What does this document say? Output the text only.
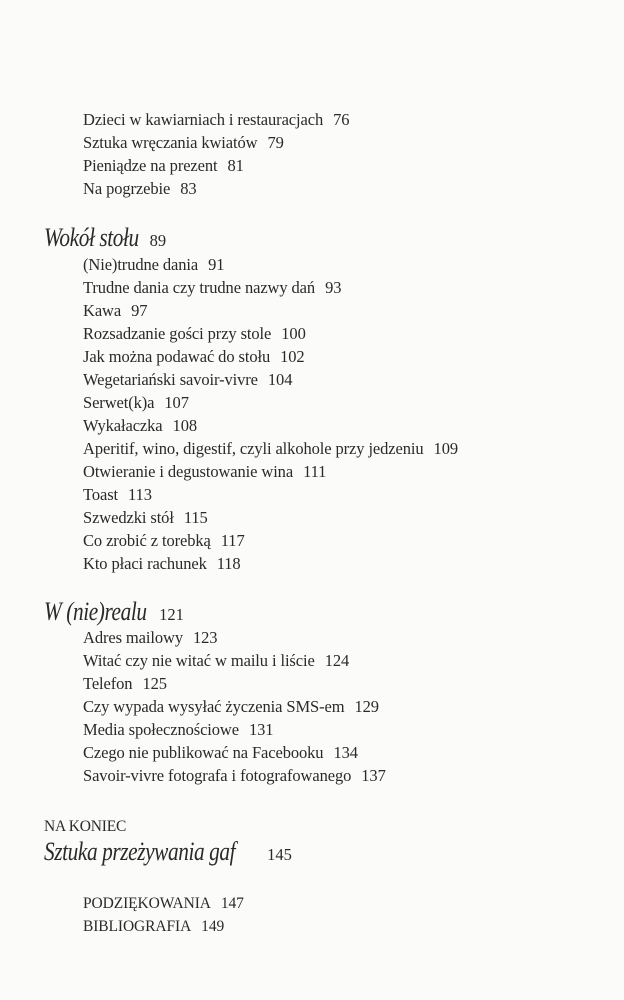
Dzieci w kawiarniach i restauracjach 76
Sztuka wręczania kwiatów 79
Pieniądze na prezent 81
Na pogrzebie 83
Wokół stołu 89
(Nie)trudne dania 91
Trudne dania czy trudne nazwy dań 93
Kawa 97
Rozsadzanie gości przy stole 100
Jak można podawać do stołu 102
Wegetariański savoir-vivre 104
Serwet(k)a 107
Wykałaczka 108
Aperitif, wino, digestif, czyli alkohole przy jedzeniu 109
Otwieranie i degustowanie wina 111
Toast 113
Szwedzki stół 115
Co zrobić z torebką 117
Kto płaci rachunek 118
W (nie)realu 121
Adres mailowy 123
Witać czy nie witać w mailu i liście 124
Telefon 125
Czy wypada wysyłać życzenia SMS-em 129
Media społecznościowe 131
Czego nie publikować na Facebooku 134
Savoir-vivre fotografa i fotografowanego 137
NA KONIEC
Sztuka przeżywania gaf 145
PODZIĘKOWANIA 147
BIBLIOGRAFIA 149
